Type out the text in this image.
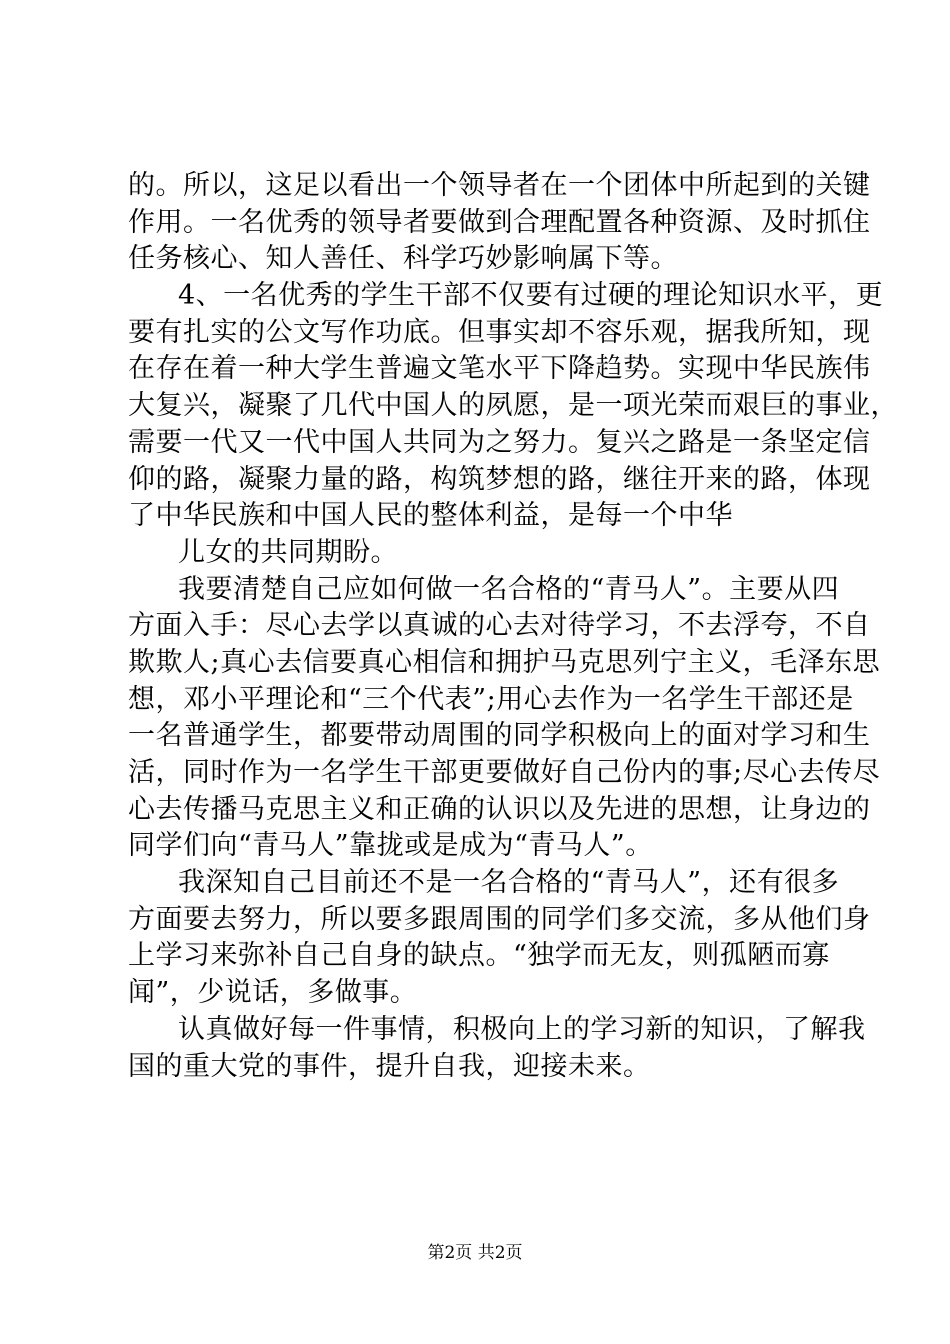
的。所以，这足以看出一个领导者在一个团体中所起到的关键
作用。一名优秀的领导者要做到合理配置各种资源、及时抓住
任务核心、知人善任、科学巧妙影响属下等。
4、一名优秀的学生干部不仅要有过硬的理论知识水平，更
要有扎实的公文写作功底。但事实却不容乐观，据我所知，现
在存在着一种大学生普遍文笔水平下降趋势。实现中华民族伟
大复兴，凝聚了几代中国人的夙愿，是一项光荣而艰巨的事业，
需要一代又一代中国人共同为之努力。复兴之路是一条坚定信
仰的路，凝聚力量的路，构筑梦想的路，继往开来的路，体现
了中华民族和中国人民的整体利益，是每一个中华
儿女的共同期盼。
我要清楚自己应如何做一名合格的“青马人”。主要从四
方面入手：尽心去学以真诚的心去对待学习，不去浮夸，不自
欺欺人;真心去信要真心相信和拥护马克思列宁主义，毛泽东思
想，邓小平理论和“三个代表”;用心去作为一名学生干部还是
一名普通学生，都要带动周围的同学积极向上的面对学习和生
活，同时作为一名学生干部更要做好自己份内的事;尽心去传尽
心去传播马克思主义和正确的认识以及先进的思想，让身边的
同学们向“青马人”靠拢或是成为“青马人”。
我深知自己目前还不是一名合格的“青马人”，还有很多
方面要去努力，所以要多跟周围的同学们多交流，多从他们身
上学习来弥补自己自身的缺点。“独学而无友，则孤陋而寡
闻”，少说话，多做事。
认真做好每一件事情，积极向上的学习新的知识，了解我
国的重大党的事件，提升自我，迎接未来。
第2页 共2页
